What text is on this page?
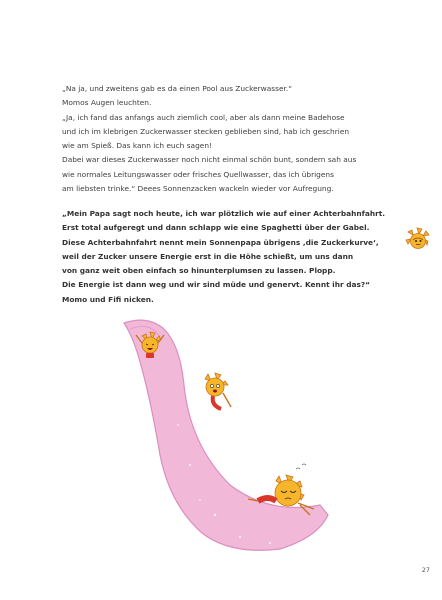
„Na ja, und zweitens gab es da einen Pool aus Zuckerwasser.“
Momos Augen leuchten.
„Ja, ich fand das anfangs auch ziemlich cool, aber als dann meine Badehose
und ich im klebrigen Zuckerwasser stecken geblieben sind, hab ich geschrien
wie am Spieß. Das kann ich euch sagen!
Dabei war dieses Zuckerwasser noch nicht einmal schön bunt, sondern sah aus
wie normales Leitungswasser oder frisches Quellwasser, das ich übrigens
am liebsten trinke.“ Deees Sonnenzacken wackeln wieder vor Aufregung.
„Mein Papa sagt noch heute, ich war plötzlich wie auf einer Achterbahnfahrt.
Erst total aufgeregt und dann schlapp wie eine Spaghetti über der Gabel.
Diese Achterbahnfahrt nennt mein Sonnenpapa übrigens ‚die Zuckerkurve‘,
weil der Zucker unsere Energie erst in die Höhe schießt, um uns dann
von ganz weit oben einfach so hinunterplumsen zu lassen. Plopp.
Die Energie ist dann weg und wir sind müde und genervt. Kennt ihr das?“
Momo und Fifi nicken.
27
